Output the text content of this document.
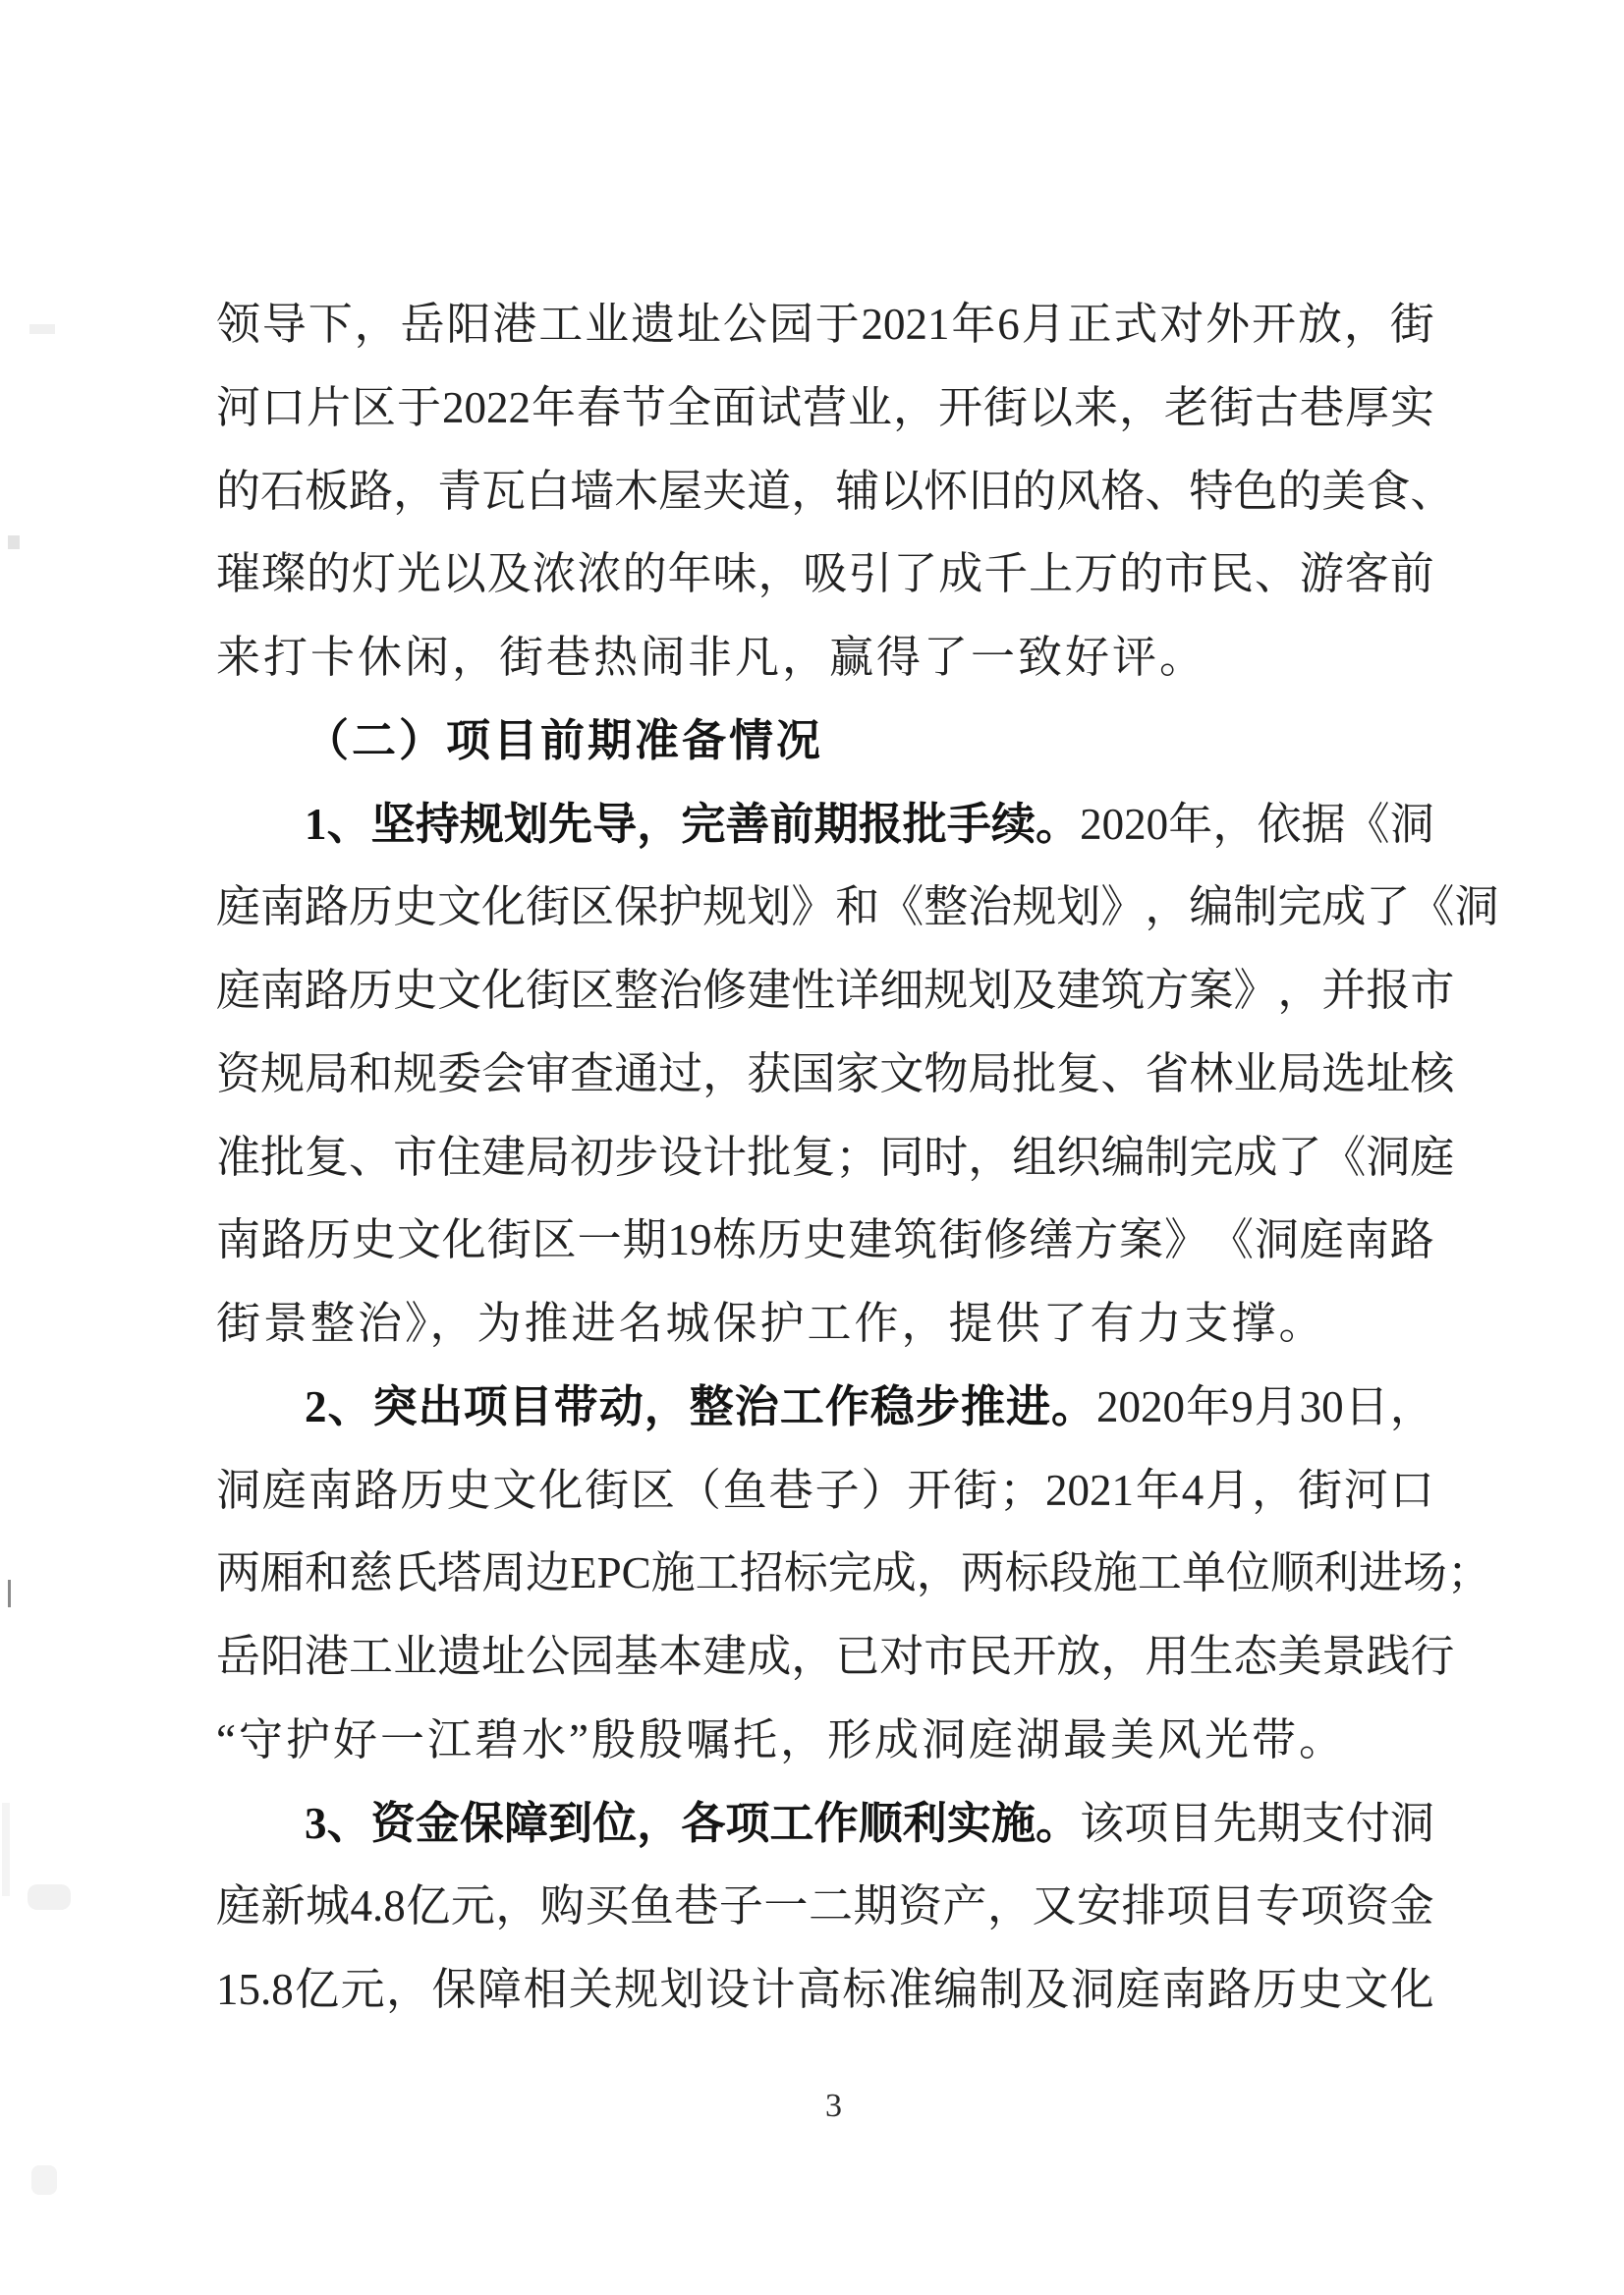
领 导 下 ， 岳 阳 港 工 业 遗 址 公 园 于 2021 年 6 月 正 式 对 外 开 放 ， 街
河 口 片 区 于 2022 年 春 节 全 面 试 营 业 ， 开 街 以 来 ， 老 街 古 巷 厚 实
的 石 板 路 ， 青 瓦 白 墙 木 屋 夹 道 ， 辅 以 怀 旧 的 风 格 、 特 色 的 美 食 、
璀 璨 的 灯 光 以 及 浓 浓 的 年 味 ， 吸 引 了 成 千 上 万 的 市 民 、 游 客 前
来打卡休闲，街巷热闹非凡，赢得了一致好评。
（二）项目前期准备情况
1 、 坚 持 规 划 先 导 ， 完 善 前 期 报 批 手 续 。 2020 年 ， 依 据 《 洞
庭 南 路 历 史 文 化 街 区 保 护 规 划 》 和 《 整 治 规 划 》 ， 编 制 完 成 了 《 洞
庭 南 路 历 史 文 化 街 区 整 治 修 建 性 详 细 规 划 及 建 筑 方 案 》 ， 并 报 市
资 规 局 和 规 委 会 审 查 通 过 ， 获 国 家 文 物 局 批 复 、 省 林 业 局 选 址 核
准 批 复 、 市 住 建 局 初 步 设 计 批 复 ； 同 时 ， 组 织 编 制 完 成 了 《 洞 庭
南 路 历 史 文 化 街 区 一 期 19 栋 历 史 建 筑 街 修 缮 方 案 》 《 洞 庭 南 路
街景整治》，为推进名城保护工作，提供了有力支撑。
2 、 突 出 项 目 带 动 ， 整 治 工 作 稳 步 推 进 。 2020 年 9 月 30 日 ，
洞 庭 南 路 历 史 文 化 街 区 （ 鱼 巷 子 ） 开 街 ； 2021 年 4 月 ， 街 河 口
两 厢 和 慈 氏 塔 周 边 EPC 施 工 招 标 完 成 ， 两 标 段 施 工 单 位 顺 利 进 场 ；
岳 阳 港 工 业 遗 址 公 园 基 本 建 成 ， 已 对 市 民 开 放 ， 用 生 态 美 景 践 行
“守护好一江碧水”殷殷嘱托，形成洞庭湖最美风光带。
3 、 资 金 保 障 到 位 ， 各 项 工 作 顺 利 实 施 。 该 项 目 先 期 支 付 洞
庭 新 城 4.8 亿 元 ， 购 买 鱼 巷 子 一 二 期 资 产 ， 又 安 排 项 目 专 项 资 金
15.8 亿 元 ， 保 障 相 关 规 划 设 计 高 标 准 编 制 及 洞 庭 南 路 历 史 文 化
3
